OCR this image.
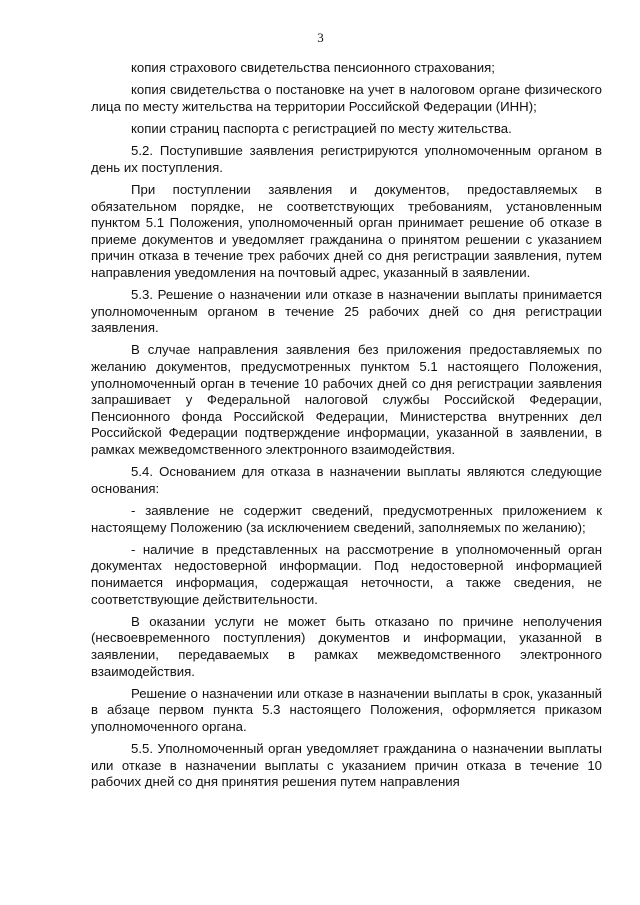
3

копия страхового свидетельства пенсионного страхования;

копия свидетельства о постановке на учет в налоговом органе физического лица по месту жительства на территории Российской Федерации (ИНН);

копии страниц паспорта с регистрацией по месту жительства.

5.2. Поступившие заявления регистрируются уполномоченным органом в день их поступления.

При поступлении заявления и документов, предоставляемых в обязательном порядке, не соответствующих требованиям, установленным пунктом 5.1 Положения, уполномоченный орган принимает решение об отказе в приеме документов и уведомляет гражданина о принятом решении с указанием причин отказа в течение трех рабочих дней со дня регистрации заявления, путем направления уведомления на почтовый адрес, указанный в заявлении.

5.3. Решение о назначении или отказе в назначении выплаты принимается уполномоченным органом в течение 25 рабочих дней со дня регистрации заявления.

В случае направления заявления без приложения предоставляемых по желанию документов, предусмотренных пунктом 5.1 настоящего Положения, уполномоченный орган в течение 10 рабочих дней со дня регистрации заявления запрашивает у Федеральной налоговой службы Российской Федерации, Пенсионного фонда Российской Федерации, Министерства внутренних дел Российской Федерации подтверждение информации, указанной в заявлении, в рамках межведомственного электронного взаимодействия.

5.4. Основанием для отказа в назначении выплаты являются следующие основания:

- заявление не содержит сведений, предусмотренных приложением к настоящему Положению (за исключением сведений, заполняемых по желанию);

- наличие в представленных на рассмотрение в уполномоченный орган документах недостоверной информации. Под недостоверной информацией понимается информация, содержащая неточности, а также сведения, не соответствующие действительности.

В оказании услуги не может быть отказано по причине неполучения (несвоевременного поступления) документов и информации, указанной в заявлении, передаваемых в рамках межведомственного электронного взаимодействия.

Решение о назначении или отказе в назначении выплаты в срок, указанный в абзаце первом пункта 5.3 настоящего Положения, оформляется приказом уполномоченного органа.

5.5. Уполномоченный орган уведомляет гражданина о назначении выплаты или отказе в назначении выплаты с указанием причин отказа в течение 10 рабочих дней со дня принятия решения путем направления
